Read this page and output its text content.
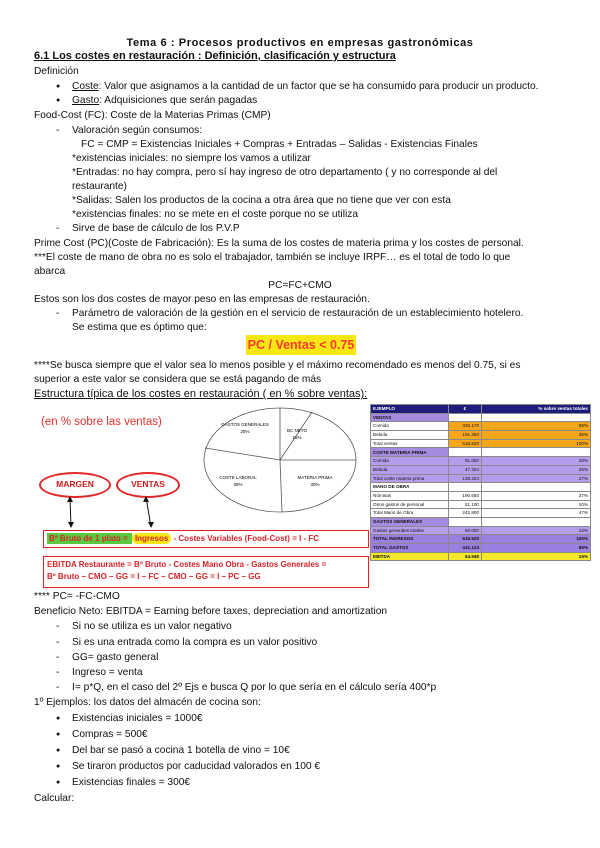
Tema 6 : Procesos productivos en empresas gastronómicas
6.1 Los costes en restauración : Definición, clasificación y estructura
Definición
● Coste: Valor que asignamos a la cantidad de un factor que se ha consumido para producir un producto.
● Gasto: Adquisiciones que serán pagadas
Food-Cost (FC): Coste de la Materias Primas (CMP)
- Valoración según consumos:
FC = CMP = Existencias Iniciales + Compras + Entradas – Salidas - Existencias Finales
*existencias iniciales: no siempre los vamos a utilizar
*Entradas: no hay compra, pero sí hay ingreso de otro departamento ( y no corresponde al del
restaurante)
*Salidas: Salen los productos de la cocina a otra área que no tiene que ver con esta
*existencias finales: no se mete en el coste porque no se utiliza
- Sirve de base de cálculo de los P.V.P
Prime Cost (PC)(Coste de Fabricación): Es la suma de los costes de materia prima y los costes de personal.
***El coste de mano de obra no es solo el trabajador, también se incluye IRPF… es el total de todo lo que
abarca
PC=FC+CMO
Estos son los dos costes de mayor peso en las empresas de restauración.
- Parámetro de valoración de la gestión en el servicio de restauración de un establecimiento hotelero.
Se estima que es óptimo que:
PC / Ventas < 0.75
****Se busca siempre que el valor sea lo menos posible y el máximo recomendado es menos del 0.75, si es
superior a este valor se considera que se está pagando de más
Estructura típica de los costes en restauración ( en % sobre ventas):
(en % sobre las ventas)	GASTOS GENERALES
25%	BC NETO
15%
COSTE LABORAL
35%
MATERIA PRIMA
30%
MARGEN	VENTAS
Bº Bruto de 1 plato = Ingresos - Costes Variables (Food-Cost) = I - FC
EBITDA Restaurante = Bº Bruto - Costes Mano Obra - Gastos Generales =
Bº Bruto – CMO – GG = I – FC – CMO – GG = I – PC – GG
EJEMPLO	€	% sobre ventas totales
VENTAS		
Comida	325.170	65%
Bebida	191.350	35%
Total ventas	516.520	100%
COSTE MATERIA PRIMA		
Comida	91.000	28%
Bebida	47.324	25%
Total coste materia prima	138.324	27%
MANO DE OBRA		
Nóminas	190.650	37%
Otros gastos de personal	51.100	10%
Total Mano de Obra	242.800	47%
GASTOS GENERALES		
Gastos generales totales	60.000	12%
TOTAL INGRESOS	516.520	100%
TOTAL GASTOS	441.124	85%
EBITDA	64.948	15%
**** PC= -FC-CMO
Beneficio Neto: EBITDA = Earning before taxes, depreciation and amortization
- Si no se utiliza es un valor negativo
- Si es una entrada como la compra es un valor positivo
- GG= gasto general
- Ingreso = venta
- I= p*Q, en el caso del 2º Ejs e busca Q por lo que sería en el cálculo sería 400*p
1º Ejemplos: los datos del almacén de cocina son:
● Existencias iniciales = 1000€
● Compras = 500€
● Del bar se pasó a cocina 1 botella de vino = 10€
● Se tiraron productos por caducidad valorados en 100 €
● Existencias finales = 300€
Calcular:
